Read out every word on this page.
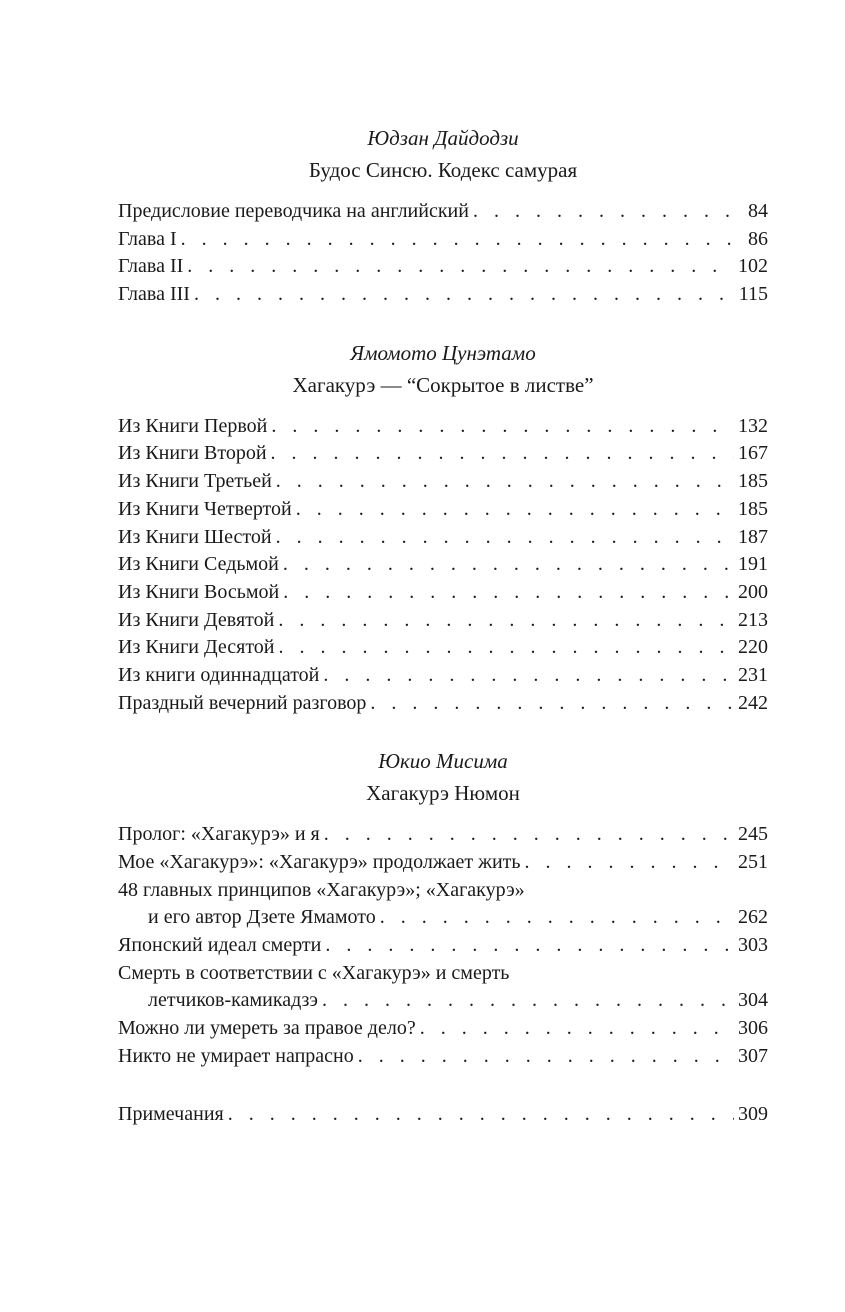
Юдзан Дайдодзи

Будос Синсю. Кодекс самурая

Предисловие переводчика на английский . . .	84
Глава I . . .	86
Глава II . . .	102
Глава III . . .	115

Ямомото Цунэтамо

Хагакурэ — “Сокрытое в листве”

Из Книги Первой . . .	132
Из Книги Второй . . .	167
Из Книги Третьей . . .	185
Из Книги Четвертой . . .	185
Из Книги Шестой . . .	187
Из Книги Седьмой . . .	191
Из Книги Восьмой . . .	200
Из Книги Девятой . . .	213
Из Книги Десятой . . .	220
Из книги одиннадцатой . . .	231
Праздный вечерний разговор . . .	242

Юкио Мисима

Хагакурэ Нюмон

Пролог: «Хагакурэ» и я . . .	245
Мое «Хагакурэ»: «Хагакурэ» продолжает жить . . .	251
48 главных принципов «Хагакурэ»; «Хагакурэ»
и его автор Дзете Ямамото . . .	262
Японский идеал смерти . . .	303
Смерть в соответствии с «Хагакурэ» и смерть
летчиков-камикадзэ . . .	304
Можно ли умереть за правое дело? . . .	306
Никто не умирает напрасно . . .	307
Примечания . . .	309
